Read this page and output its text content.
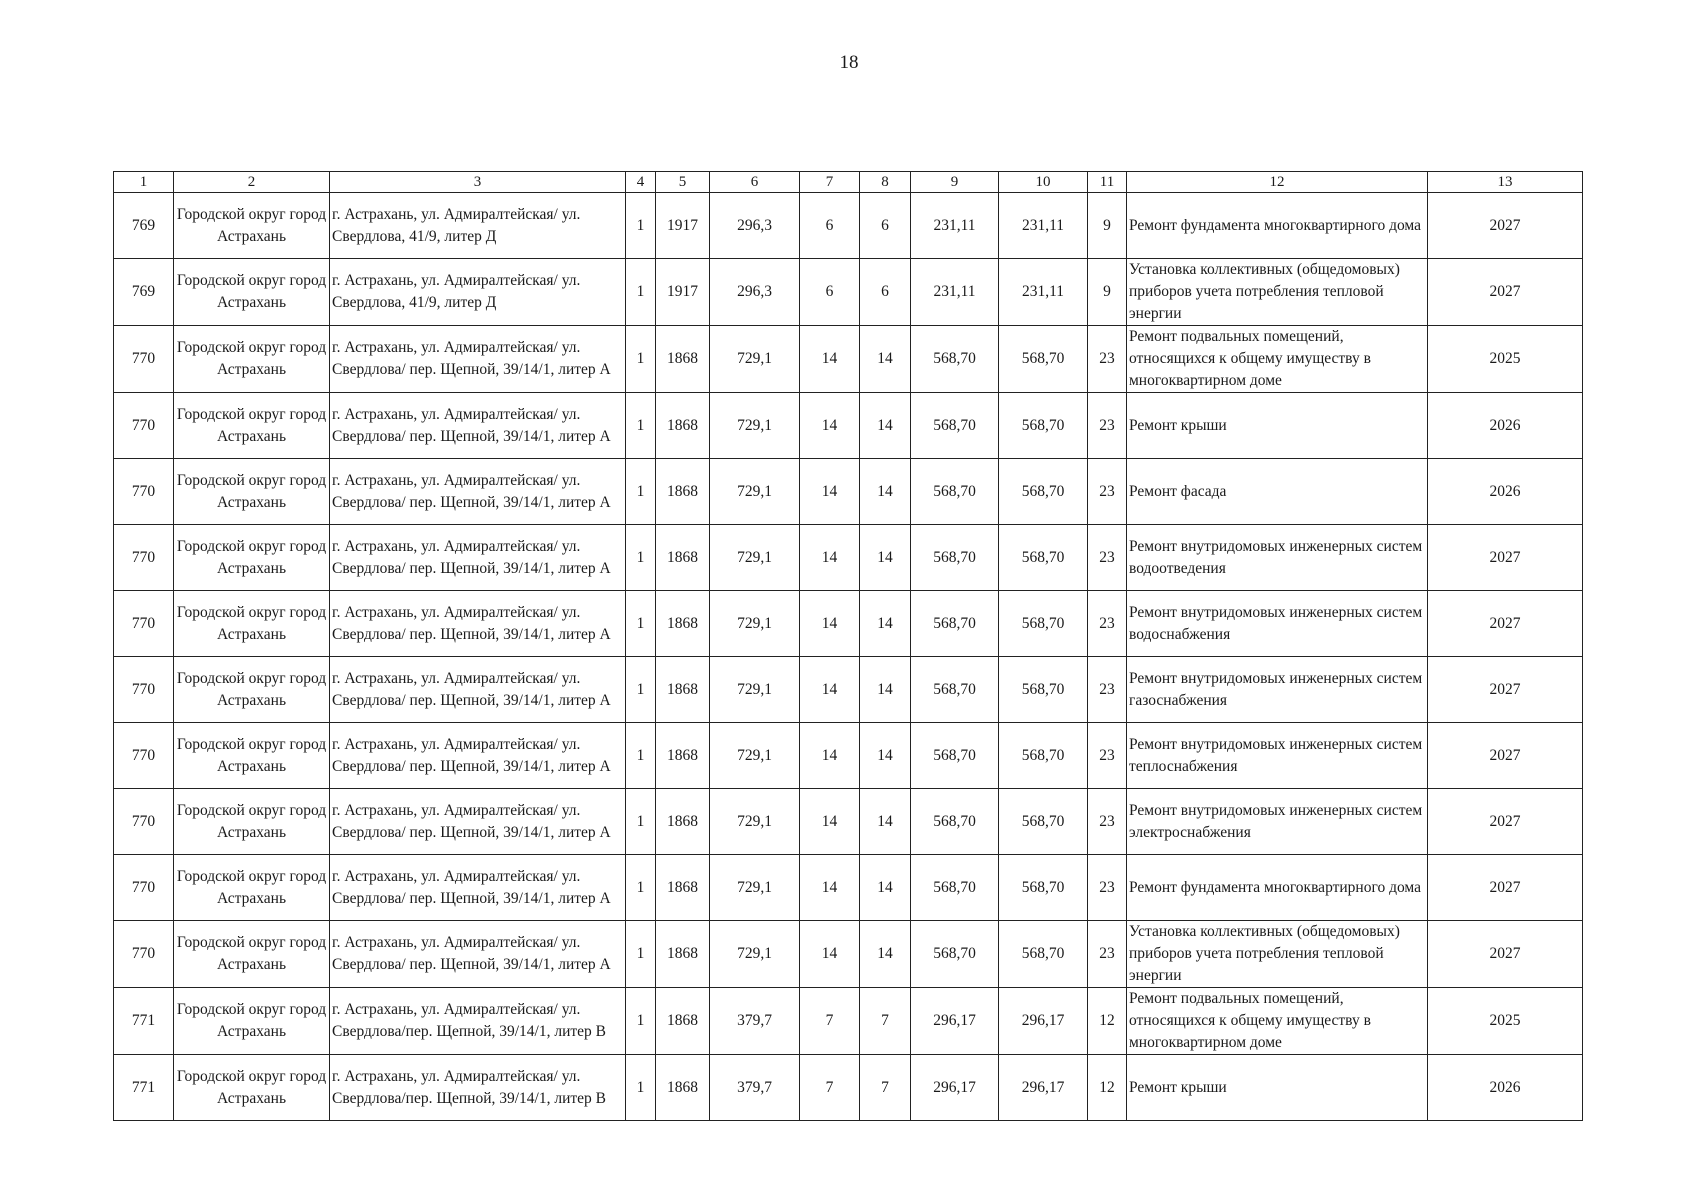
18
1	2	3	4	5	6	7	8	9	10	11	12	13
769	Городской округ город Астрахань	г. Астрахань, ул. Адмиралтейская/ ул. Свердлова, 41/9, литер Д	1	1917	296,3	6	6	231,11	231,11	9	Ремонт фундамента многоквартирного дома	2027
769	Городской округ город Астрахань	г. Астрахань, ул. Адмиралтейская/ ул. Свердлова, 41/9, литер Д	1	1917	296,3	6	6	231,11	231,11	9	Установка коллективных (общедомовых) приборов учета потребления тепловой энергии	2027
770	Городской округ город Астрахань	г. Астрахань, ул. Адмиралтейская/ ул. Свердлова/ пер. Щепной, 39/14/1, литер А	1	1868	729,1	14	14	568,70	568,70	23	Ремонт подвальных помещений, относящихся к общему имуществу в многоквартирном доме	2025
770	Городской округ город Астрахань	г. Астрахань, ул. Адмиралтейская/ ул. Свердлова/ пер. Щепной, 39/14/1, литер А	1	1868	729,1	14	14	568,70	568,70	23	Ремонт крыши	2026
770	Городской округ город Астрахань	г. Астрахань, ул. Адмиралтейская/ ул. Свердлова/ пер. Щепной, 39/14/1, литер А	1	1868	729,1	14	14	568,70	568,70	23	Ремонт фасада	2026
770	Городской округ город Астрахань	г. Астрахань, ул. Адмиралтейская/ ул. Свердлова/ пер. Щепной, 39/14/1, литер А	1	1868	729,1	14	14	568,70	568,70	23	Ремонт внутридомовых инженерных систем водоотведения	2027
770	Городской округ город Астрахань	г. Астрахань, ул. Адмиралтейская/ ул. Свердлова/ пер. Щепной, 39/14/1, литер А	1	1868	729,1	14	14	568,70	568,70	23	Ремонт внутридомовых инженерных систем водоснабжения	2027
770	Городской округ город Астрахань	г. Астрахань, ул. Адмиралтейская/ ул. Свердлова/ пер. Щепной, 39/14/1, литер А	1	1868	729,1	14	14	568,70	568,70	23	Ремонт внутридомовых инженерных систем газоснабжения	2027
770	Городской округ город Астрахань	г. Астрахань, ул. Адмиралтейская/ ул. Свердлова/ пер. Щепной, 39/14/1, литер А	1	1868	729,1	14	14	568,70	568,70	23	Ремонт внутридомовых инженерных систем теплоснабжения	2027
770	Городской округ город Астрахань	г. Астрахань, ул. Адмиралтейская/ ул. Свердлова/ пер. Щепной, 39/14/1, литер А	1	1868	729,1	14	14	568,70	568,70	23	Ремонт внутридомовых инженерных систем электроснабжения	2027
770	Городской округ город Астрахань	г. Астрахань, ул. Адмиралтейская/ ул. Свердлова/ пер. Щепной, 39/14/1, литер А	1	1868	729,1	14	14	568,70	568,70	23	Ремонт фундамента многоквартирного дома	2027
770	Городской округ город Астрахань	г. Астрахань, ул. Адмиралтейская/ ул. Свердлова/ пер. Щепной, 39/14/1, литер А	1	1868	729,1	14	14	568,70	568,70	23	Установка коллективных (общедомовых) приборов учета потребления тепловой энергии	2027
771	Городской округ город Астрахань	г. Астрахань, ул. Адмиралтейская/ ул. Свердлова/пер. Щепной, 39/14/1, литер В	1	1868	379,7	7	7	296,17	296,17	12	Ремонт подвальных помещений, относящихся к общему имуществу в многоквартирном доме	2025
771	Городской округ город Астрахань	г. Астрахань, ул. Адмиралтейская/ ул. Свердлова/пер. Щепной, 39/14/1, литер В	1	1868	379,7	7	7	296,17	296,17	12	Ремонт крыши	2026
